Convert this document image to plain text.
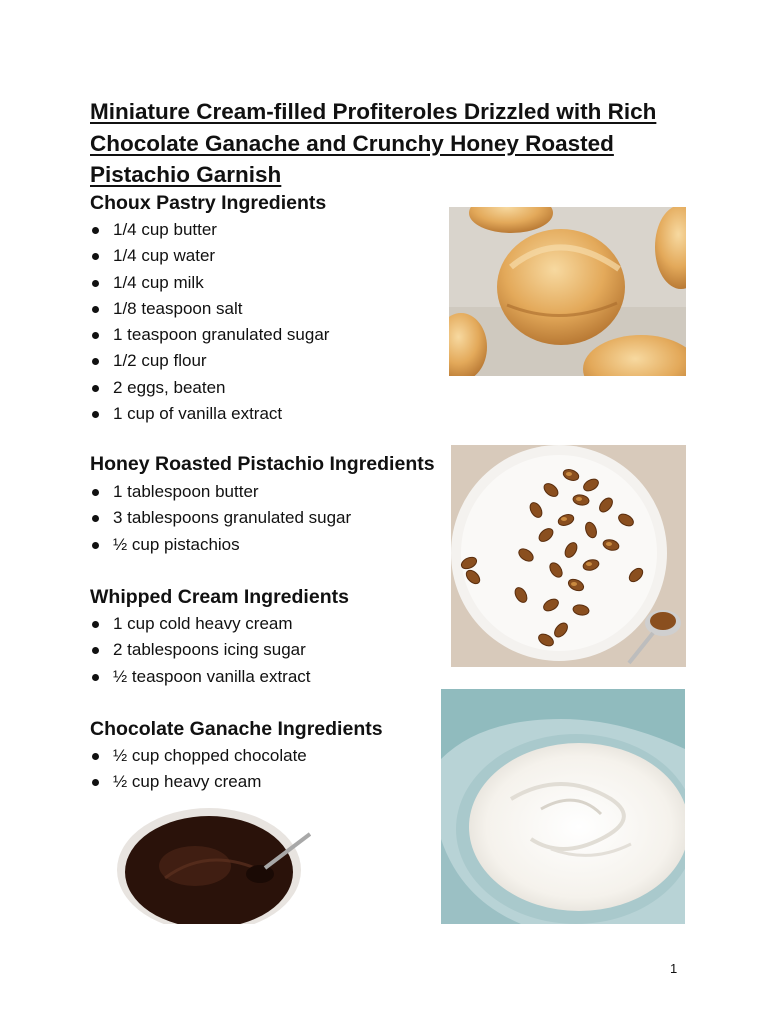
Miniature Cream-filled Profiteroles Drizzled with Rich Chocolate Ganache and Crunchy Honey Roasted Pistachio Garnish
Choux Pastry Ingredients
1/4 cup butter
1/4 cup water
1/4 cup milk
1/8 teaspoon salt
1 teaspoon granulated sugar
1/2 cup flour
2 eggs, beaten
1 cup of vanilla extract
Honey Roasted Pistachio Ingredients
1 tablespoon butter
3 tablespoons granulated sugar
½ cup pistachios
Whipped Cream Ingredients
1 cup cold heavy cream
2 tablespoons icing sugar
½ teaspoon vanilla extract
Chocolate Ganache Ingredients
½ cup chopped chocolate
½ cup heavy cream
1
